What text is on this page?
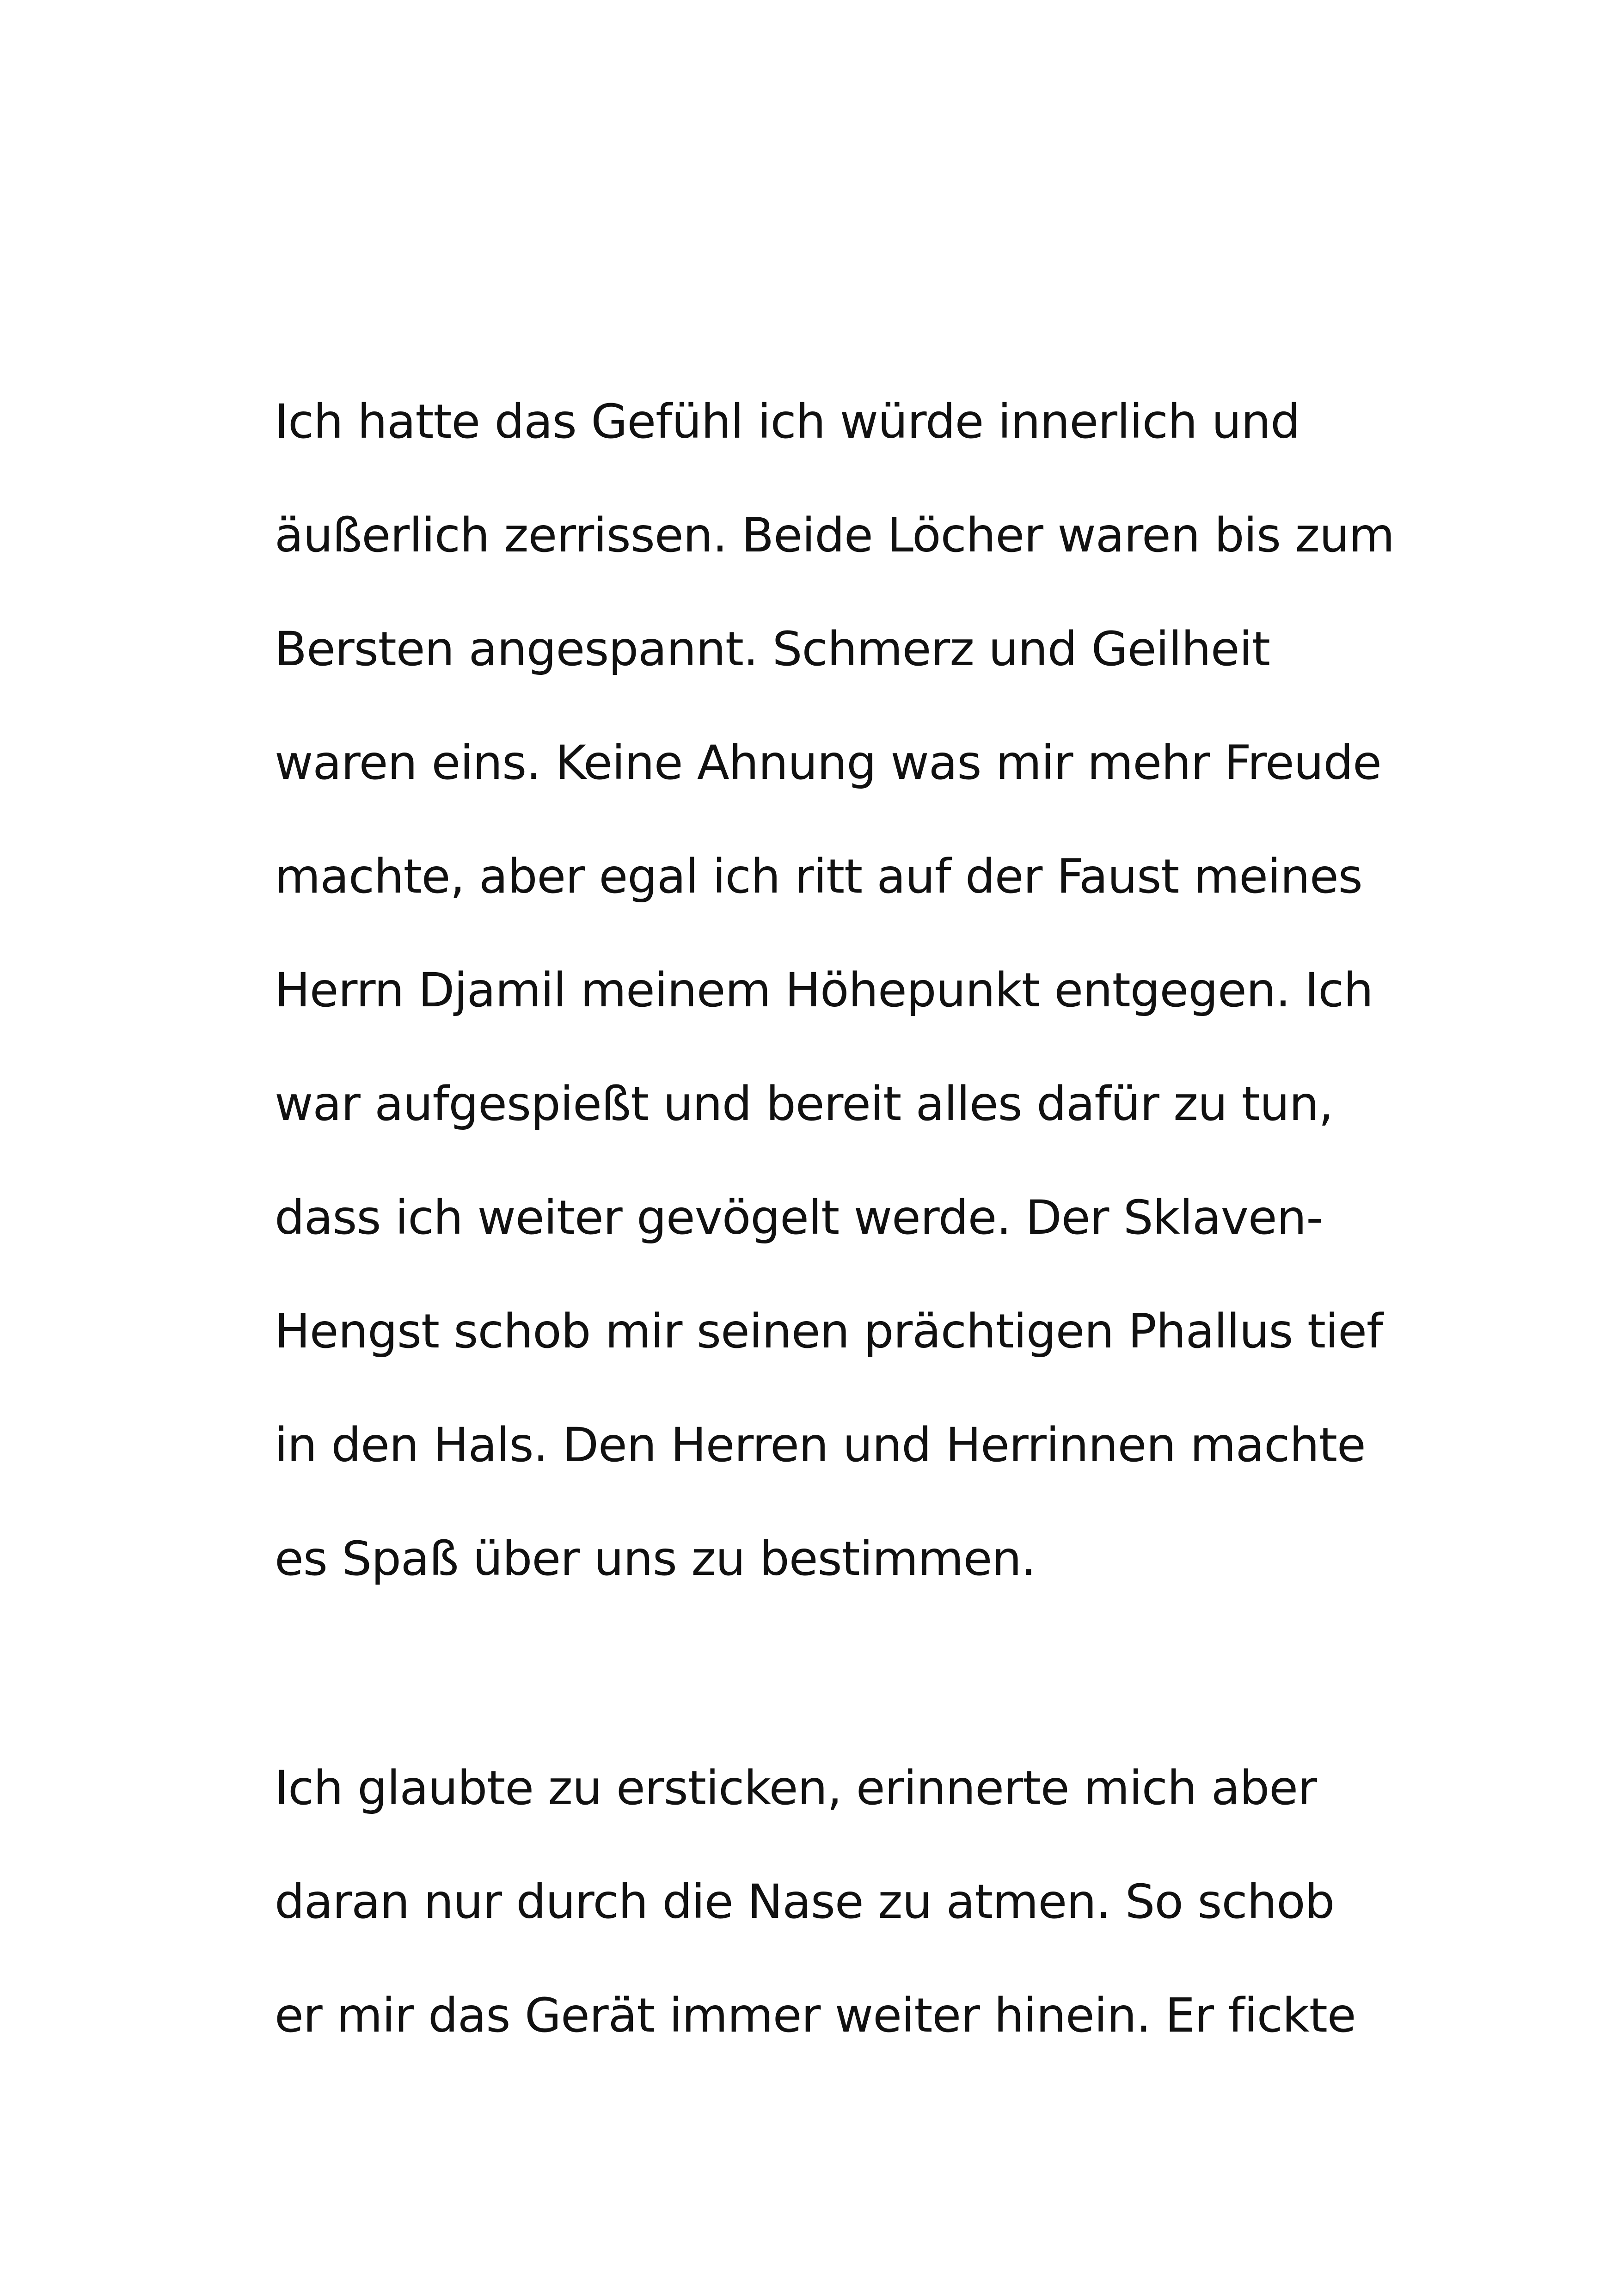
Ich hatte das Gefühl ich würde innerlich und
äußerlich zerrissen. Beide Löcher waren bis zum
Bersten angespannt. Schmerz und Geilheit
waren eins. Keine Ahnung was mir mehr Freude
machte, aber egal ich ritt auf der Faust meines
Herrn Djamil meinem Höhepunkt entgegen. Ich
war aufgespießt und bereit alles dafür zu tun,
dass ich weiter gevögelt werde. Der Sklaven-
Hengst schob mir seinen prächtigen Phallus tief
in den Hals. Den Herren und Herrinnen machte
es Spaß über uns zu bestimmen.
Ich glaubte zu ersticken, erinnerte mich aber
daran nur durch die Nase zu atmen. So schob
er mir das Gerät immer weiter hinein. Er fickte
